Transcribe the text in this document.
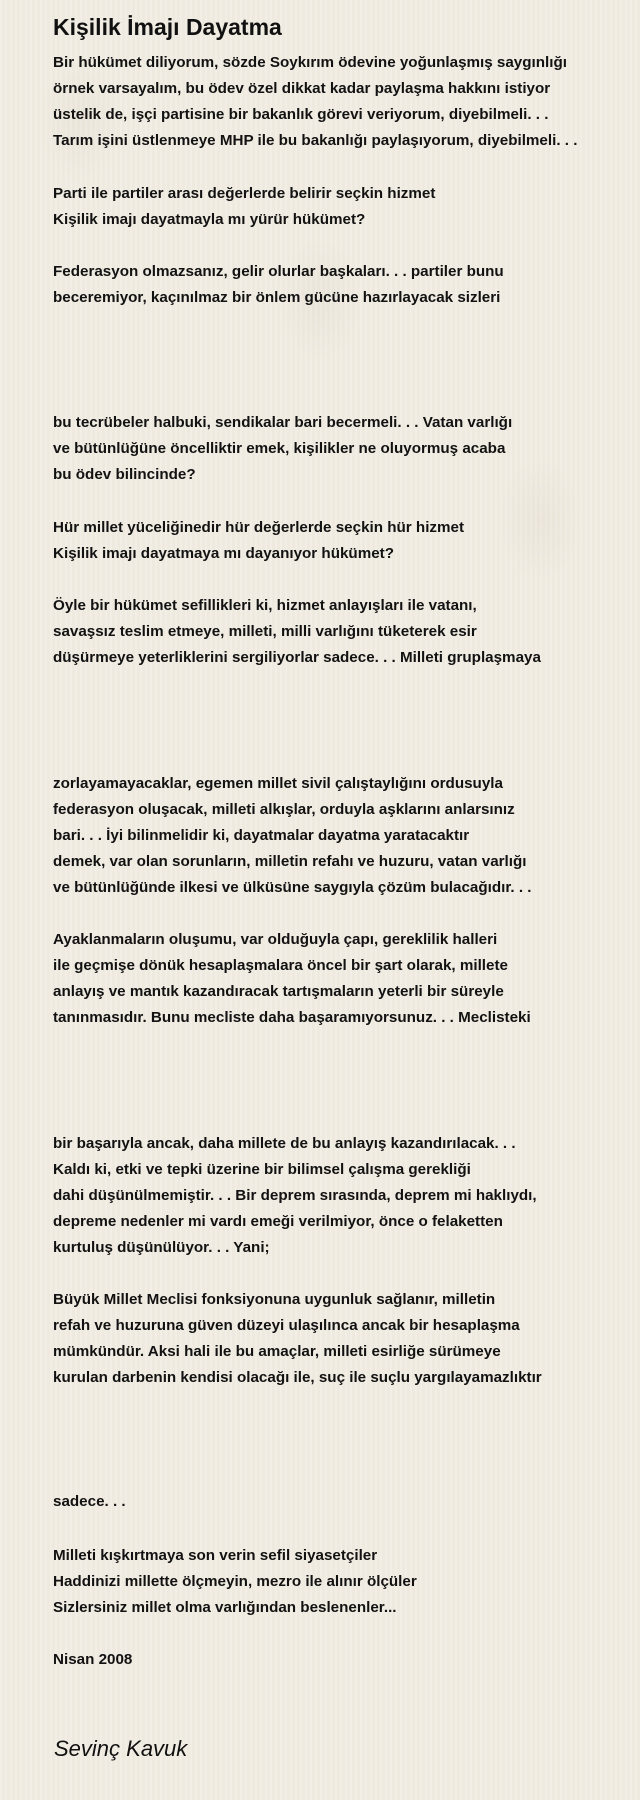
Kişilik İmajı Dayatma
Bir hükümet diliyorum, sözde Soykırım ödevine yoğunlaşmış saygınlığı
örnek varsayalım, bu ödev özel dikkat kadar paylaşma hakkını istiyor
üstelik de, işçi partisine bir bakanlık görevi veriyorum, diyebilmeli. . .
Tarım işini üstlenmeye MHP ile bu bakanlığı paylaşıyorum, diyebilmeli. . .
Parti ile partiler arası değerlerde belirir seçkin hizmet
Kişilik imajı dayatmayla mı yürür hükümet?
Federasyon olmazsanız, gelir olurlar başkaları. . . partiler bunu
beceremiyor, kaçınılmaz bir önlem gücüne hazırlayacak sizleri
bu tecrübeler halbuki, sendikalar bari becermeli. . . Vatan varlığı
ve bütünlüğüne öncelliktir emek, kişilikler ne oluyormuş acaba
bu ödev bilincinde?
Hür millet yüceliğinedir hür değerlerde seçkin hür hizmet
Kişilik imajı dayatmaya mı dayanıyor hükümet?
Öyle bir hükümet sefillikleri ki, hizmet anlayışları ile vatanı,
savaşsız teslim etmeye, milleti, milli varlığını tüketerek esir
düşürmeye yeterliklerini sergiliyorlar sadece. . . Milleti gruplaşmaya
zorlayamayacaklar, egemen millet sivil çalıştaylığını ordusuyla
federasyon oluşacak, milleti alkışlar, orduyla aşklarını anlarsınız
bari. . . İyi bilinmelidir ki, dayatmalar dayatma yaratacaktır
demek, var olan sorunların, milletin refahı ve huzuru, vatan varlığı
ve bütünlüğünde ilkesi ve ülküsüne saygıyla çözüm bulacağıdır. . .
Ayaklanmaların oluşumu, var olduğuyla çapı, gereklilik halleri
ile geçmişe dönük hesaplaşmalara öncel bir şart olarak, millete
anlayış ve mantık kazandıracak tartışmaların yeterli bir süreyle
tanınmasıdır. Bunu mecliste daha başaramıyorsunuz. . . Meclisteki
bir başarıyla ancak, daha millete de bu anlayış kazandırılacak. . .
Kaldı ki, etki ve tepki üzerine bir bilimsel çalışma gerekliği
dahi düşünülmemiştir. . . Bir deprem sırasında, deprem mi haklıydı,
depreme nedenler mi vardı emeği verilmiyor, önce o felaketten
kurtuluş düşünülüyor. . . Yani;
Büyük Millet Meclisi fonksiyonuna uygunluk sağlanır, milletin
refah ve huzuruna güven düzeyi ulaşılınca ancak bir hesaplaşma
mümkündür. Aksi hali ile bu amaçlar, milleti esirliğe sürümeye
kurulan darbenin kendisi olacağı ile, suç ile suçlu yargılayamazlıktır
sadece. . .
Milleti kışkırtmaya son verin sefil siyasetçiler
Haddinizi millette ölçmeyin, mezro ile alınır ölçüler
Sizlersiniz millet olma varlığından beslenenler...
Nisan 2008
Sevinç Kavuk
